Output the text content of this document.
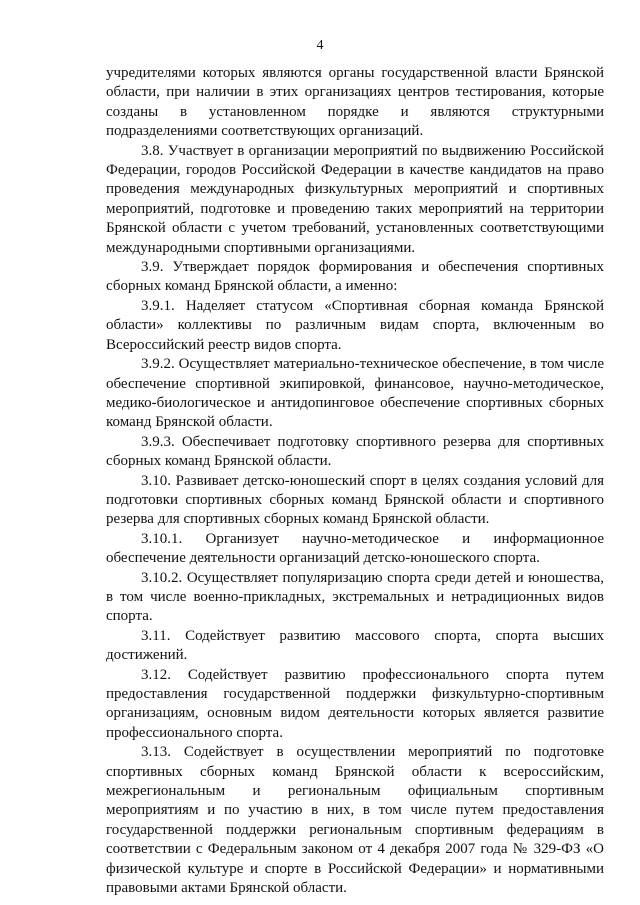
4

учредителями которых являются органы государственной власти Брянской области, при наличии в этих организациях центров тестирования, которые созданы в установленном порядке и являются структурными подразделениями соответствующих организаций.

3.8. Участвует в организации мероприятий по выдвижению Российской Федерации, городов Российской Федерации в качестве кандидатов на право проведения международных физкультурных мероприятий и спортивных мероприятий, подготовке и проведению таких мероприятий на территории Брянской области с учетом требований, установленных соответствующими международными спортивными организациями.

3.9. Утверждает порядок формирования и обеспечения спортивных сборных команд Брянской области, а именно:

3.9.1. Наделяет статусом «Спортивная сборная команда Брянской области» коллективы по различным видам спорта, включенным во Всероссийский реестр видов спорта.

3.9.2. Осуществляет материально-техническое обеспечение, в том числе обеспечение спортивной экипировкой, финансовое, научно-методическое, медико-биологическое и антидопинговое обеспечение спортивных сборных команд Брянской области.

3.9.3. Обеспечивает подготовку спортивного резерва для спортивных сборных команд Брянской области.

3.10. Развивает детско-юношеский спорт в целях создания условий для подготовки спортивных сборных команд Брянской области и спортивного резерва для спортивных сборных команд Брянской области.

3.10.1. Организует научно-методическое и информационное обеспечение деятельности организаций детско-юношеского спорта.

3.10.2. Осуществляет популяризацию спорта среди детей и юношества, в том числе военно-прикладных, экстремальных и нетрадиционных видов спорта.

3.11. Содействует развитию массового спорта, спорта высших достижений.

3.12. Содействует развитию профессионального спорта путем предоставления государственной поддержки физкультурно-спортивным организациям, основным видом деятельности которых является развитие профессионального спорта.

3.13. Содействует в осуществлении мероприятий по подготовке спортивных сборных команд Брянской области к всероссийским, межрегиональным и региональным официальным спортивным мероприятиям и по участию в них, в том числе путем предоставления государственной поддержки региональным спортивным федерациям в соответствии с Федеральным законом от 4 декабря 2007 года № 329-ФЗ «О физической культуре и спорте в Российской Федерации» и нормативными правовыми актами Брянской области.
